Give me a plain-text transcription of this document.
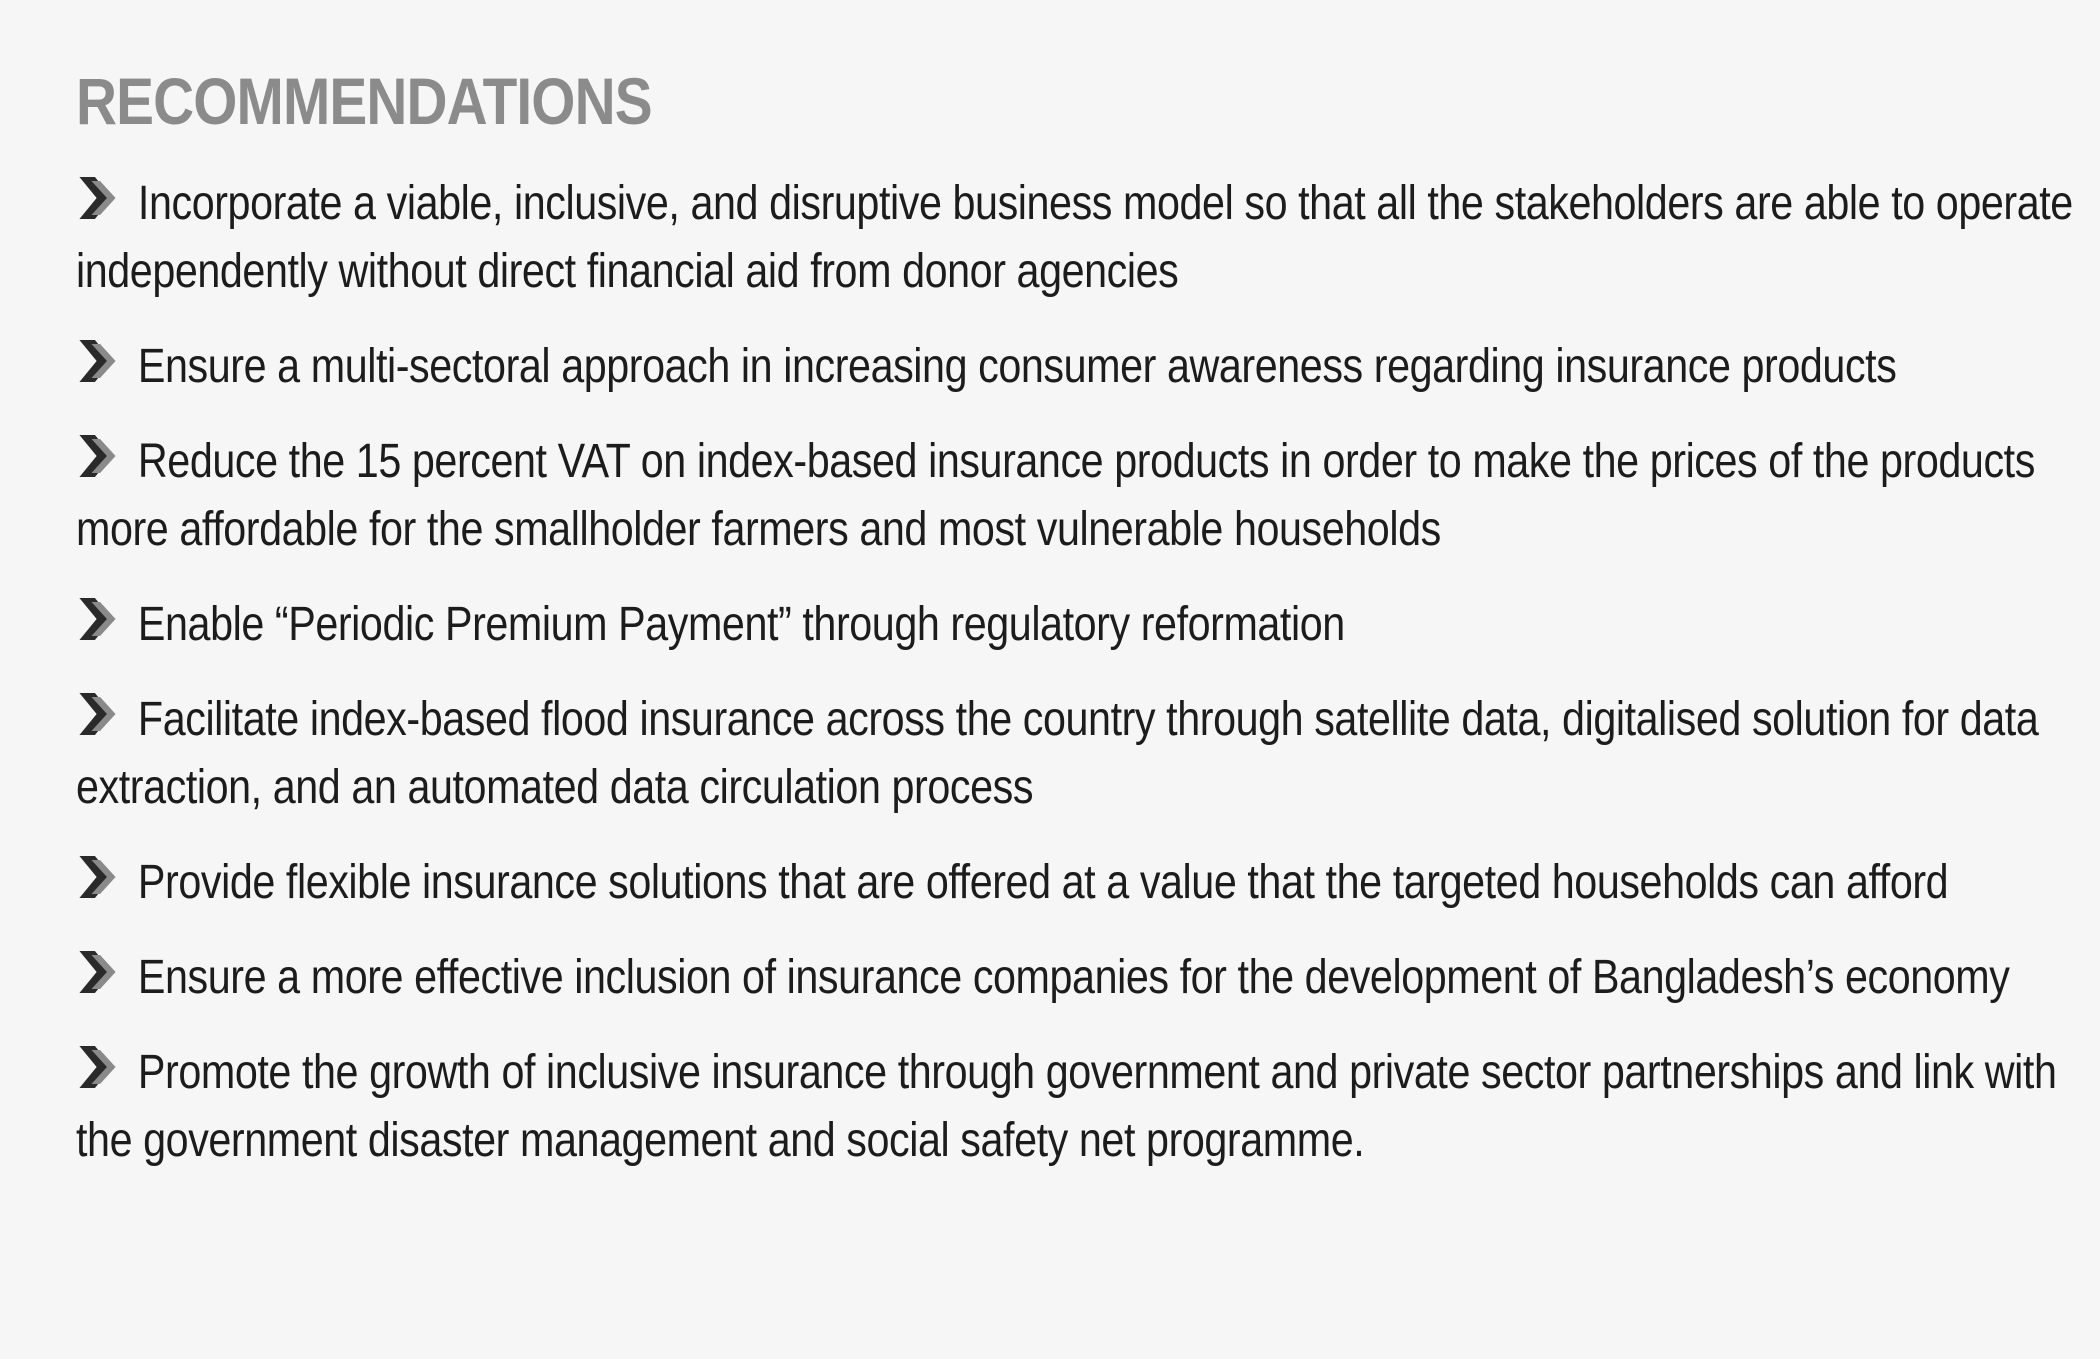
RECOMMENDATIONS
Incorporate a viable, inclusive, and disruptive business model so that all the stakeholders are able to operate independently without direct financial aid from donor agencies
Ensure a multi-sectoral approach in increasing consumer awareness regarding insurance products
Reduce the 15 percent VAT on index-based insurance products in order to make the prices of the products more affordable for the smallholder farmers and most vulnerable households
Enable “Periodic Premium Payment” through regulatory reformation
Facilitate index-based flood insurance across the country through satellite data, digitalised solution for data extraction, and an automated data circulation process
Provide flexible insurance solutions that are offered at a value that the targeted households can afford
Ensure a more effective inclusion of insurance companies for the development of Bangladesh’s economy
Promote the growth of inclusive insurance through government and private sector partnerships and link with the government disaster management and social safety net programme.
